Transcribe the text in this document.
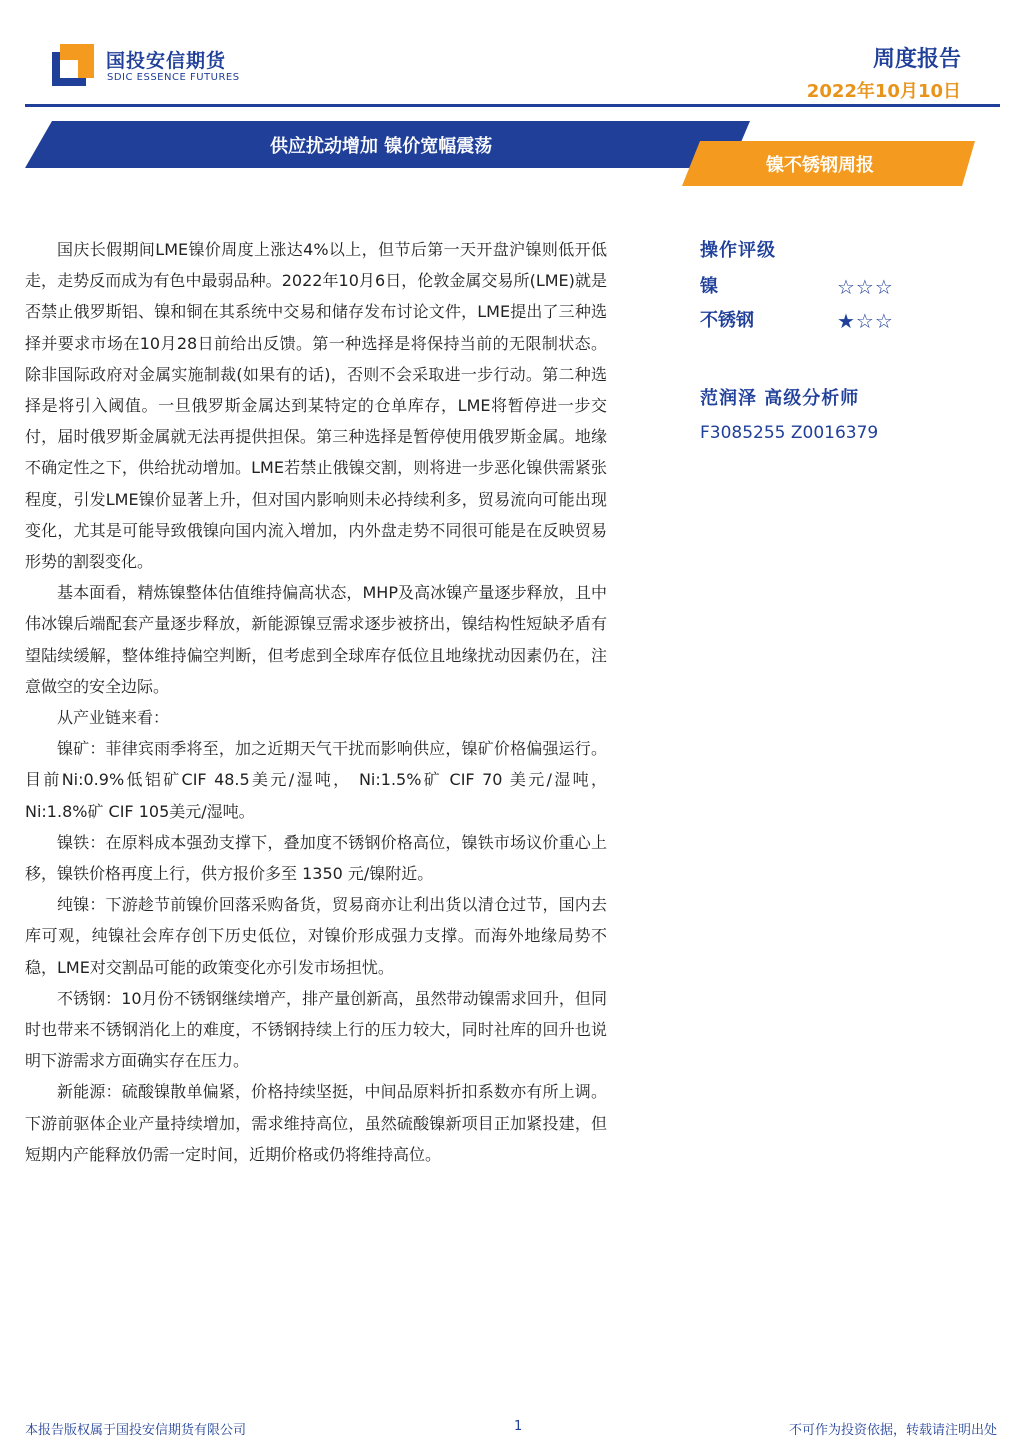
国投安信期货
SDIC ESSENCE FUTURES
周度报告
2022年10月10日
供应扰动增加 镍价宽幅震荡
镍不锈钢周报

国庆长假期间LME镍价周度上涨达4%以上，但节后第一天开盘沪镍则低开低走，走势反而成为有色中最弱品种。2022年10月6日，伦敦金属交易所(LME)就是否禁止俄罗斯铝、镍和铜在其系统中交易和储存发布讨论文件，LME提出了三种选择并要求市场在10月28日前给出反馈。第一种选择是将保持当前的无限制状态。除非国际政府对金属实施制裁(如果有的话)，否则不会采取进一步行动。第二种选择是将引入阈值。一旦俄罗斯金属达到某特定的仓单库存，LME将暂停进一步交付，届时俄罗斯金属就无法再提供担保。第三种选择是暂停使用俄罗斯金属。地缘不确定性之下，供给扰动增加。LME若禁止俄镍交割，则将进一步恶化镍供需紧张程度，引发LME镍价显著上升，但对国内影响则未必持续利多，贸易流向可能出现变化，尤其是可能导致俄镍向国内流入增加，内外盘走势不同很可能是在反映贸易形势的割裂变化。

基本面看，精炼镍整体估值维持偏高状态，MHP及高冰镍产量逐步释放，且中伟冰镍后端配套产量逐步释放，新能源镍豆需求逐步被挤出，镍结构性短缺矛盾有望陆续缓解，整体维持偏空判断，但考虑到全球库存低位且地缘扰动因素仍在，注意做空的安全边际。

从产业链来看：

镍矿：菲律宾雨季将至，加之近期天气干扰而影响供应，镍矿价格偏强运行。目前Ni:0.9%低铝矿CIF 48.5美元/湿吨， Ni:1.5%矿 CIF 70 美元/湿吨，Ni:1.8%矿 CIF 105美元/湿吨。

镍铁：在原料成本强劲支撑下，叠加度不锈钢价格高位，镍铁市场议价重心上移，镍铁价格再度上行，供方报价多至 1350 元/镍附近。

纯镍：下游趁节前镍价回落采购备货，贸易商亦让利出货以清仓过节，国内去库可观，纯镍社会库存创下历史低位，对镍价形成强力支撑。而海外地缘局势不稳，LME对交割品可能的政策变化亦引发市场担忧。

不锈钢：10月份不锈钢继续增产，排产量创新高，虽然带动镍需求回升，但同时也带来不锈钢消化上的难度，不锈钢持续上行的压力较大，同时社库的回升也说明下游需求方面确实存在压力。

新能源：硫酸镍散单偏紧，价格持续坚挺，中间品原料折扣系数亦有所上调。下游前驱体企业产量持续增加，需求维持高位，虽然硫酸镍新项目正加紧投建，但短期内产能释放仍需一定时间，近期价格或仍将维持高位。

操作评级
镍	☆☆☆
不锈钢	★☆☆
范润泽 高级分析师
F3085255 Z0016379
本报告版权属于国投安信期货有限公司	1	不可作为投资依据，转载请注明出处
